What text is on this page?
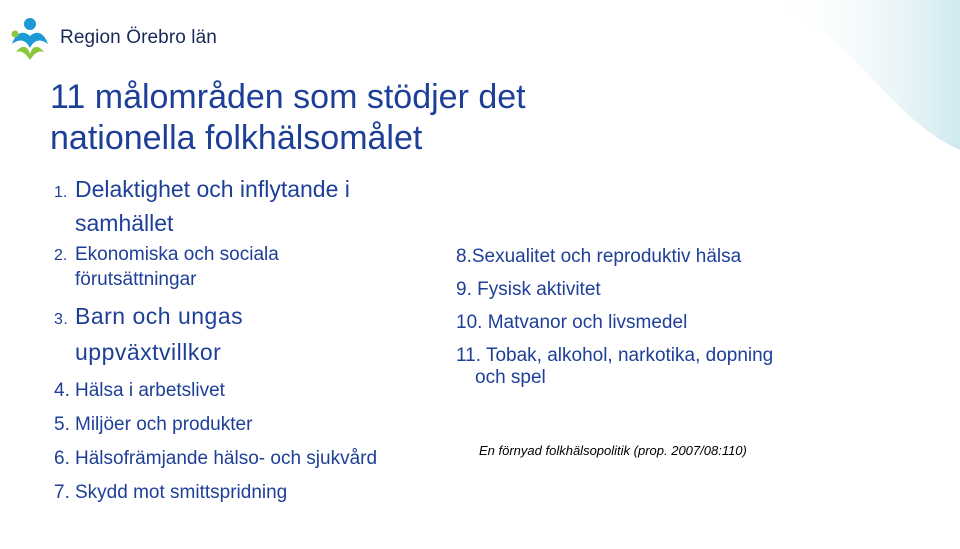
Region Örebro län
11 målområden som stödjer det
nationella folkhälsomålet
1. Delaktighet och inflytande i
samhället
2. Ekonomiska och sociala
förutsättningar
3. Barn och ungas
uppväxtvillkor
4. Hälsa i arbetslivet
5. Miljöer och produkter
6. Hälsofrämjande hälso- och sjukvård
7. Skydd mot smittspridning
8.Sexualitet och reproduktiv hälsa
9. Fysisk aktivitet
10. Matvanor och livsmedel
11. Tobak, alkohol, narkotika, dopning
och spel
En förnyad folkhälsopolitik (prop. 2007/08:110)
